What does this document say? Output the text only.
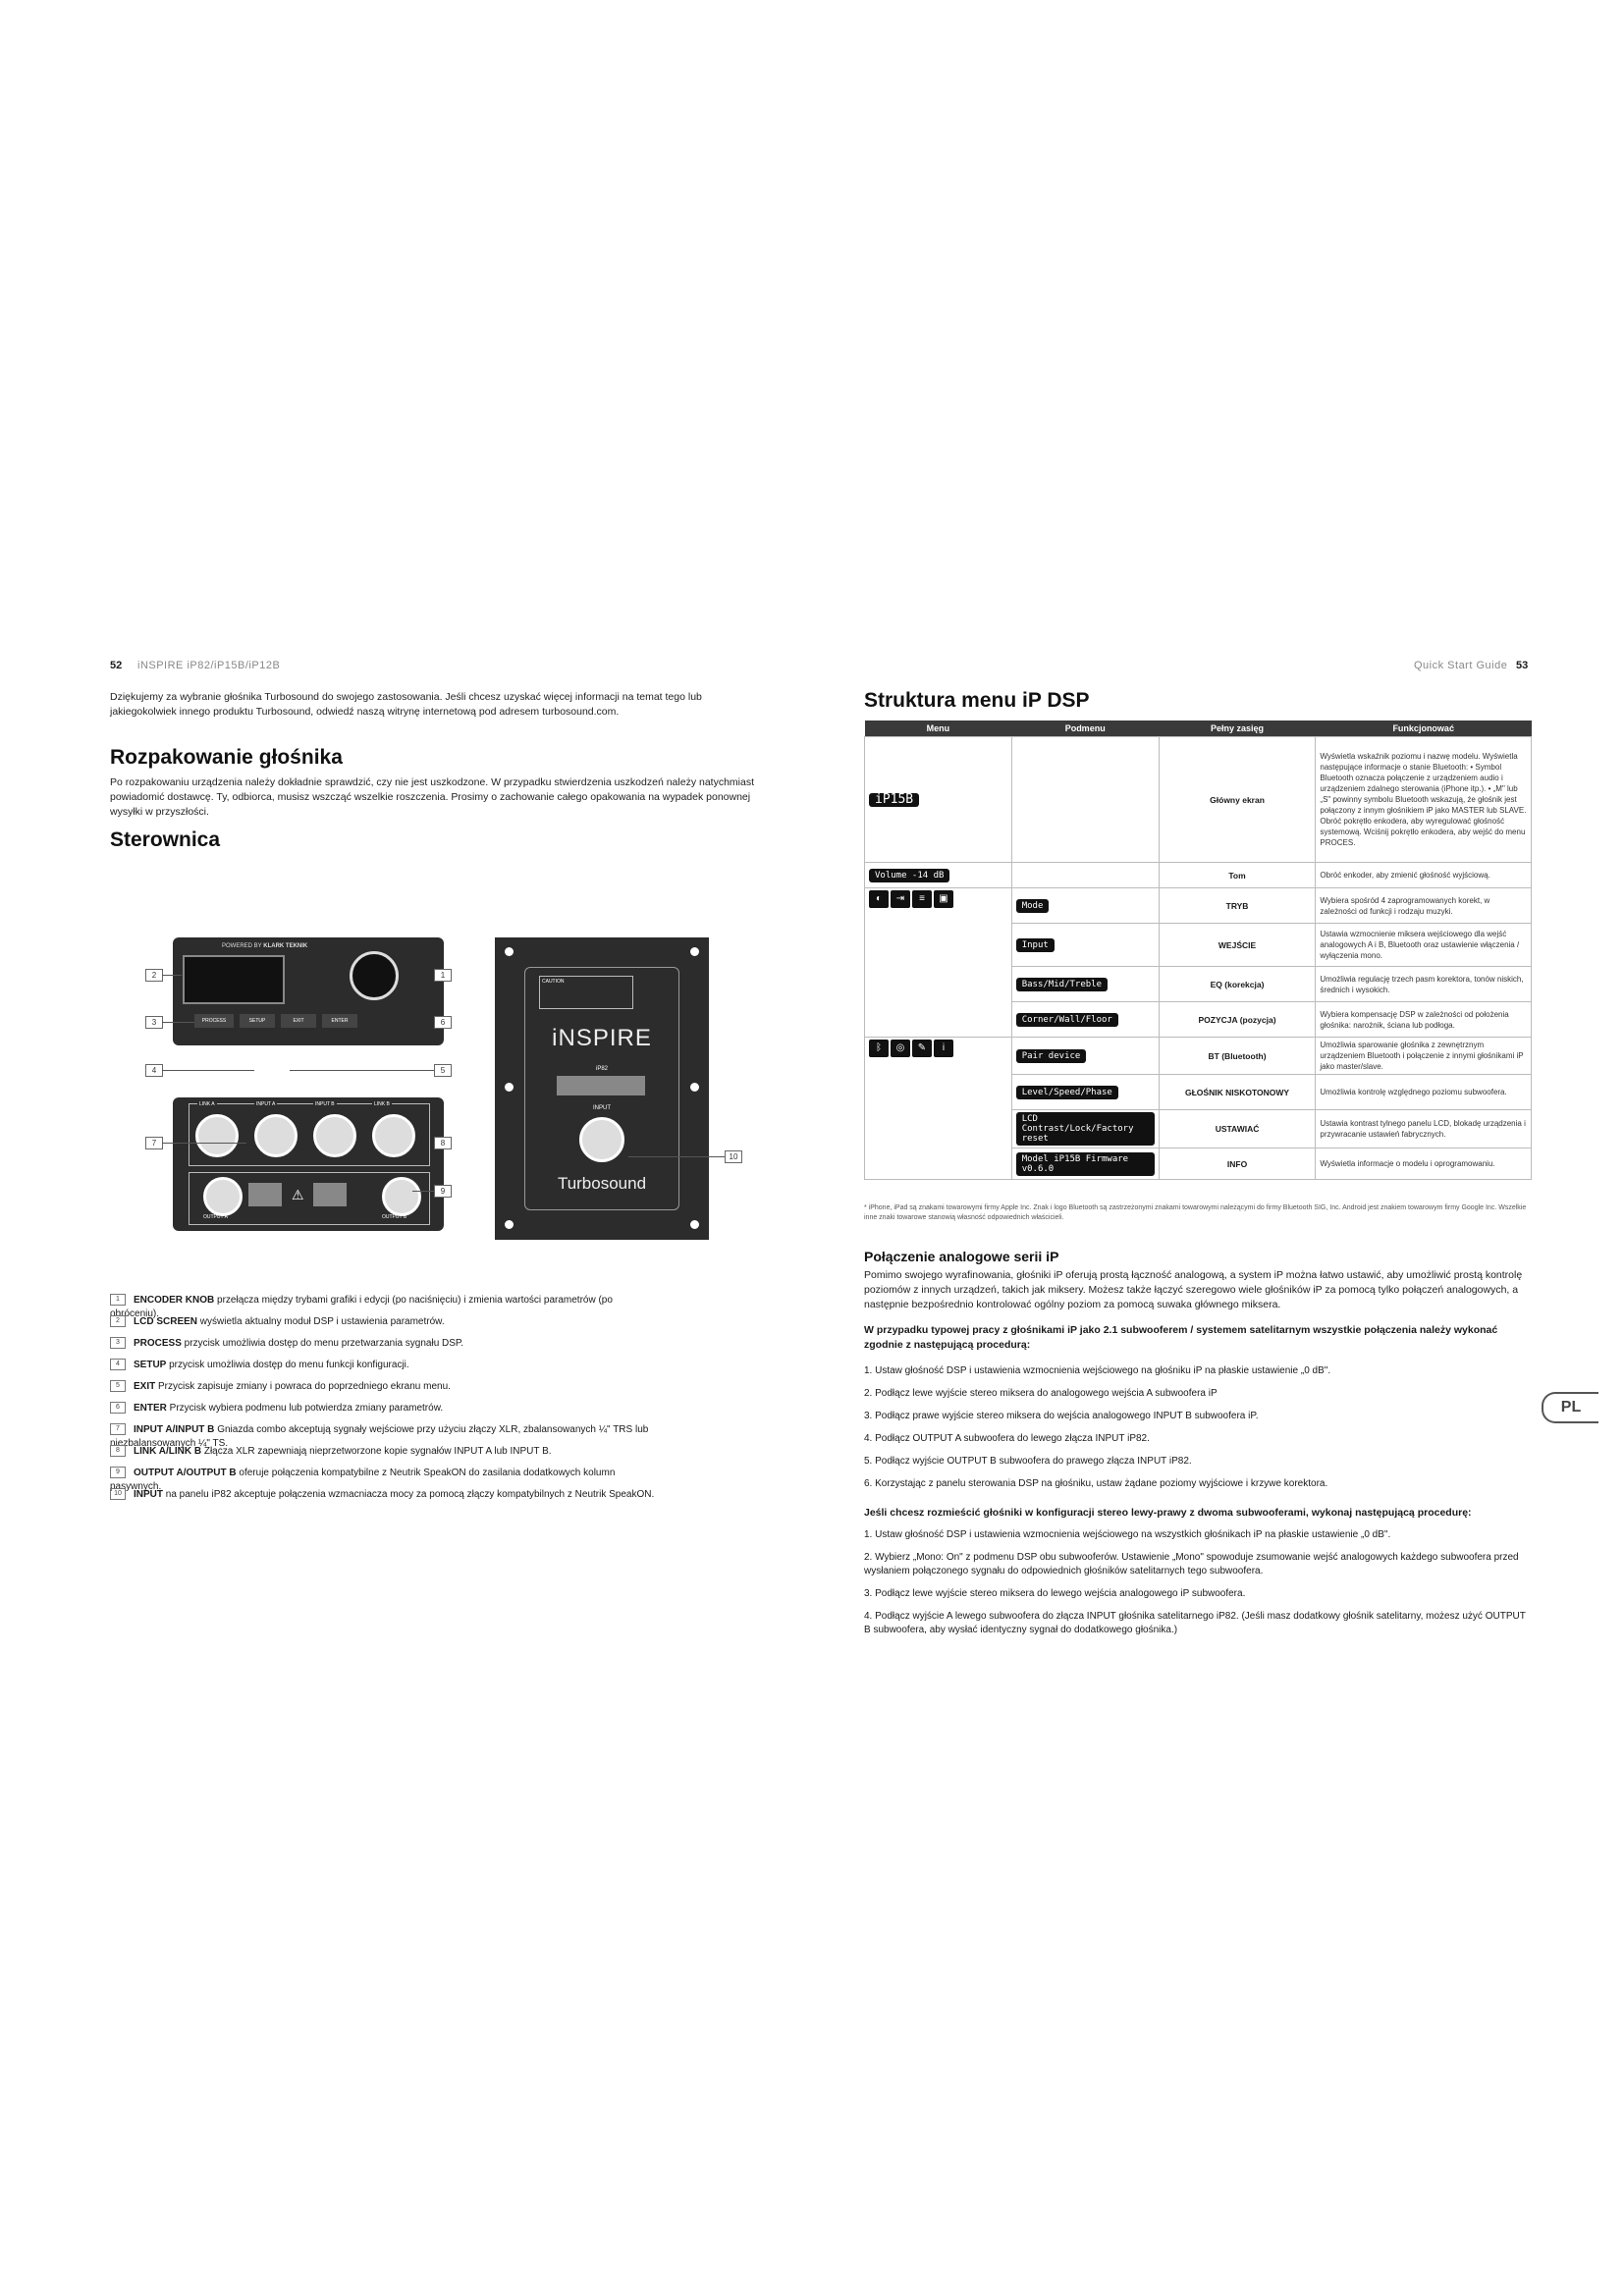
52 iNSPIRE iP82/iP15B/iP12B
Dziękujemy za wybranie głośnika Turbosound do swojego zastosowania. Jeśli chcesz uzyskać więcej informacji na temat tego lub jakiegokolwiek innego produktu Turbosound, odwiedź naszą witrynę internetową pod adresem turbosound.com.
Rozpakowanie głośnika
Po rozpakowaniu urządzenia należy dokładnie sprawdzić, czy nie jest uszkodzone. W przypadku stwierdzenia uszkodzeń należy natychmiast powiadomić dostawcę. Ty, odbiorca, musisz wszcząć wszelkie roszczenia. Prosimy o zachowanie całego opakowania na wypadek ponownej wysyłki w przyszłości.
Sterownica
POWERED BY KLARK TEKNIK
PROCESS	SETUP	EXIT	ENTER
LINK A	INPUT A	INPUT B	LINK B
⚠
OUTPUT A	OUTPUT B
CAUTION
iNSPIRE
iP82
INPUT
Turbosound
2	1
3	6
4	5
7	8
9
10
1 ENCODER KNOB przełącza między trybami grafiki i edycji (po naciśnięciu) i zmienia wartości parametrów (po obróceniu).
2 LCD SCREEN wyświetla aktualny moduł DSP i ustawienia parametrów.
3 PROCESS przycisk umożliwia dostęp do menu przetwarzania sygnału DSP.
4 SETUP przycisk umożliwia dostęp do menu funkcji konfiguracji.
5 EXIT Przycisk zapisuje zmiany i powraca do poprzedniego ekranu menu.
6 ENTER Przycisk wybiera podmenu lub potwierdza zmiany parametrów.
7 INPUT A/INPUT B Gniazda combo akceptują sygnały wejściowe przy użyciu złączy XLR, zbalansowanych ¼" TRS lub niezbalansowanych ¼" TS.
8 LINK A/LINK B Złącza XLR zapewniają nieprzetworzone kopie sygnałów INPUT A lub INPUT B.
9 OUTPUT A/OUTPUT B oferuje połączenia kompatybilne z Neutrik SpeakON do zasilania dodatkowych kolumn pasywnych.
10 INPUT na panelu iP82 akceptuje połączenia wzmacniacza mocy za pomocą złączy kompatybilnych z Neutrik SpeakON.
Quick Start Guide 53
Struktura menu iP DSP
Menu	Podmenu	Pełny zasięg	Funkcjonować
iP15B		Główny ekran	Wyświetla wskaźnik poziomu i nazwę modelu. Wyświetla następujące informacje o stanie Bluetooth: • Symbol Bluetooth oznacza połączenie z urządzeniem audio i urządzeniem zdalnego sterowania (iPhone itp.). • „M" lub „S" powinny symbolu Bluetooth wskazują, że głośnik jest połączony z innym głośnikiem iP jako MASTER lub SLAVE. Obróć pokrętło enkodera, aby wyregulować głośność systemową. Wciśnij pokrętło enkodera, aby wejść do menu PROCES.
Volume -14 dB		Tom	Obróć enkoder, aby zmienić głośność wyjściową.
◐ ⇥ ≡ ▣	Mode	TRYB	Wybiera spośród 4 zaprogramowanych korekt, w zależności od funkcji i rodzaju muzyki.
	Input	WEJŚCIE	Ustawia wzmocnienie miksera wejściowego dla wejść analogowych A i B, Bluetooth oraz ustawienie włączenia / wyłączenia mono.
	Bass/Mid/Treble	EQ (korekcja)	Umożliwia regulację trzech pasm korektora, tonów niskich, średnich i wysokich.
	Corner/Wall/Floor	POZYCJA (pozycja)	Wybiera kompensację DSP w zależności od położenia głośnika: narożnik, ściana lub podłoga.
ᛒ ◎ ✎ i	Pair device	BT (Bluetooth)	Umożliwia sparowanie głośnika z zewnętrznym urządzeniem Bluetooth i połączenie z innymi głośnikami iP jako master/slave.
	Level/Speed/Phase	GŁOŚNIK NISKOTONOWY	Umożliwia kontrolę względnego poziomu subwoofera.
	LCD Contrast/Lock/Factory reset	USTAWIAĆ	Ustawia kontrast tylnego panelu LCD, blokadę urządzenia i przywracanie ustawień fabrycznych.
	Model iP15B Firmware v0.6.0	INFO	Wyświetla informacje o modelu i oprogramowaniu.
* iPhone, iPad są znakami towarowymi firmy Apple Inc. Znak i logo Bluetooth są zastrzeżonymi znakami towarowymi należącymi do firmy Bluetooth SIG, Inc. Android jest znakiem towarowym firmy Google Inc. Wszelkie inne znaki towarowe stanowią własność odpowiednich właścicieli.
Połączenie analogowe serii iP
Pomimo swojego wyrafinowania, głośniki iP oferują prostą łączność analogową, a system iP można łatwo ustawić, aby umożliwić prostą kontrolę poziomów z innych urządzeń, takich jak miksery. Możesz także łączyć szeregowo wiele głośników iP za pomocą tylko połączeń analogowych, a następnie bezpośrednio kontrolować ogólny poziom za pomocą suwaka głównego miksera.
W przypadku typowej pracy z głośnikami iP jako 2.1 subwooferem / systemem satelitarnym wszystkie połączenia należy wykonać zgodnie z następującą procedurą:
1. Ustaw głośność DSP i ustawienia wzmocnienia wejściowego na głośniku iP na płaskie ustawienie „0 dB".
2. Podłącz lewe wyjście stereo miksera do analogowego wejścia A subwoofera iP
3. Podłącz prawe wyjście stereo miksera do wejścia analogowego INPUT B subwoofera iP.
4. Podłącz OUTPUT A subwoofera do lewego złącza INPUT iP82.
5. Podłącz wyjście OUTPUT B subwoofera do prawego złącza INPUT iP82.
6. Korzystając z panelu sterowania DSP na głośniku, ustaw żądane poziomy wyjściowe i krzywe korektora.
Jeśli chcesz rozmieścić głośniki w konfiguracji stereo lewy-prawy z dwoma subwooferami, wykonaj następującą procedurę:
1. Ustaw głośność DSP i ustawienia wzmocnienia wejściowego na wszystkich głośnikach iP na płaskie ustawienie „0 dB".
2. Wybierz „Mono: On" z podmenu DSP obu subwooferów. Ustawienie „Mono" spowoduje zsumowanie wejść analogowych każdego subwoofera przed wysłaniem połączonego sygnału do odpowiednich głośników satelitarnych tego subwoofera.
3. Podłącz lewe wyjście stereo miksera do lewego wejścia analogowego iP subwoofera.
4. Podłącz wyjście A lewego subwoofera do złącza INPUT głośnika satelitarnego iP82. (Jeśli masz dodatkowy głośnik satelitarny, możesz użyć OUTPUT B subwoofera, aby wysłać identyczny sygnał do dodatkowego głośnika.)
PL
